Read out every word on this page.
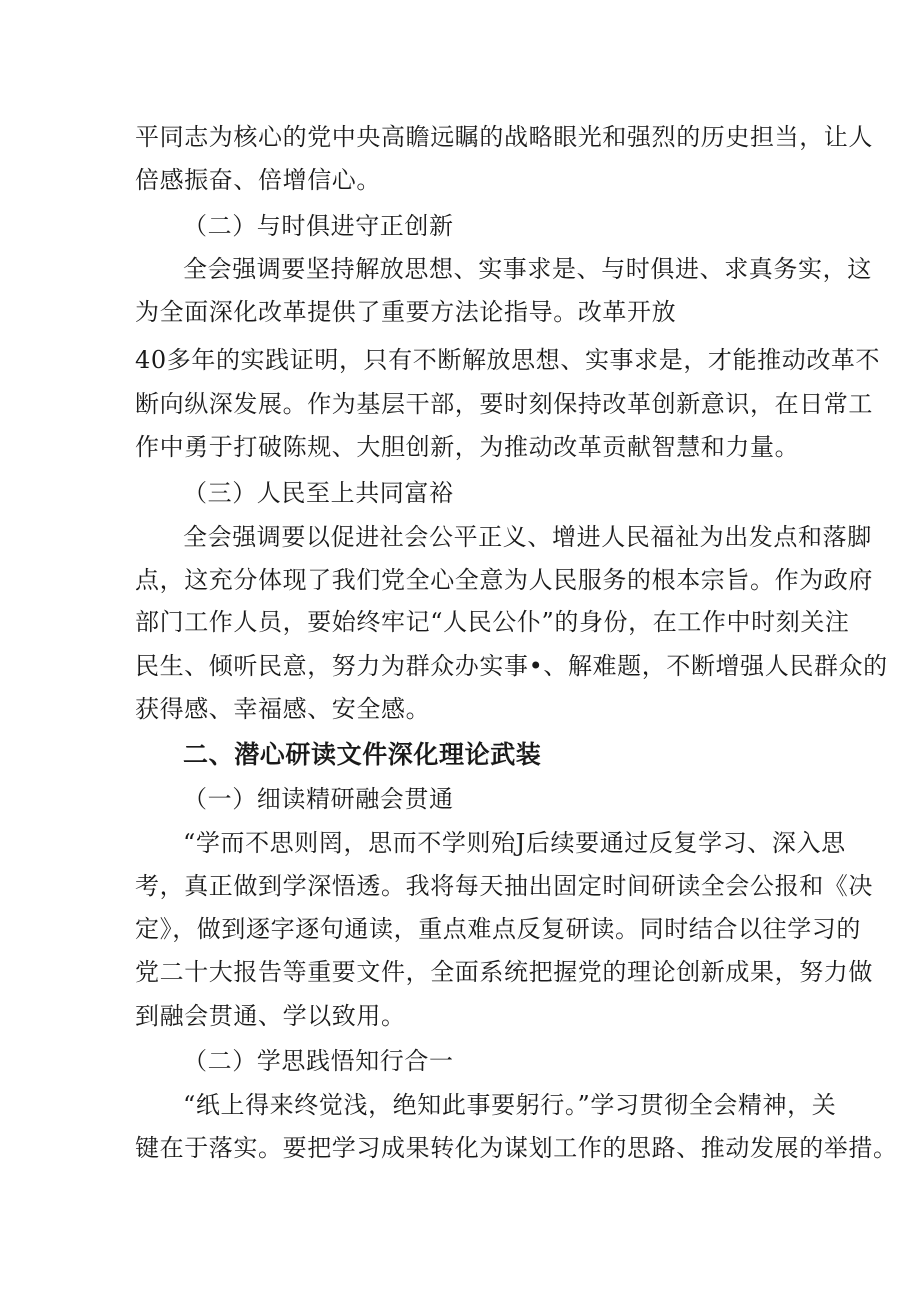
平同志为核心的党中央高瞻远瞩的战略眼光和强烈的历史担当，让人
倍感振奋、倍增信心。
（二）与时俱进守正创新
全会强调要坚持解放思想、实事求是、与时俱进、求真务实，这
为全面深化改革提供了重要方法论指导。改革开放
40多年的实践证明，只有不断解放思想、实事求是，才能推动改革不
断向纵深发展。作为基层干部，要时刻保持改革创新意识，在日常工
作中勇于打破陈规、大胆创新，为推动改革贡献智慧和力量。
（三）人民至上共同富裕
全会强调要以促进社会公平正义、增进人民福祉为出发点和落脚
点，这充分体现了我们党全心全意为人民服务的根本宗旨。作为政府
部门工作人员，要始终牢记“人民公仆”的身份，在工作中时刻关注
民生、倾听民意，努力为群众办实事•、解难题，不断增强人民群众的
获得感、幸福感、安全感。
二、潜心研读文件深化理论武装
（一）细读精研融会贯通
“学而不思则罔，思而不学则殆J后续要通过反复学习、深入思
考，真正做到学深悟透。我将每天抽出固定时间研读全会公报和《决
定》，做到逐字逐句通读，重点难点反复研读。同时结合以往学习的
党二十大报告等重要文件，全面系统把握党的理论创新成果，努力做
到融会贯通、学以致用。
（二）学思践悟知行合一
“纸上得来终觉浅，绝知此事要躬行。”学习贯彻全会精神，关
键在于落实。要把学习成果转化为谋划工作的思路、推动发展的举措。
